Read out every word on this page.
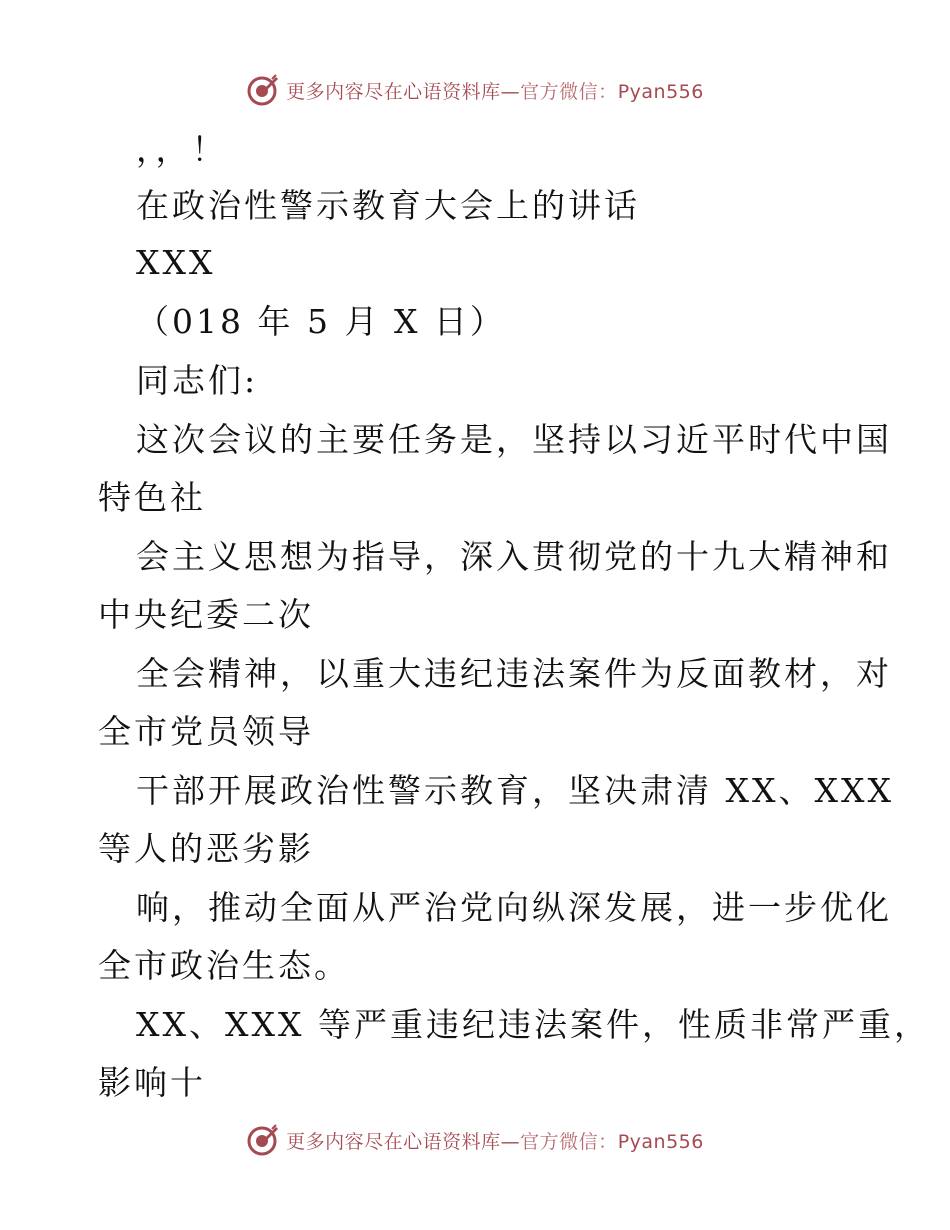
更多内容尽在心语资料库—官方微信：Pyan556
，，！
在政治性警示教育大会上的讲话
XXX
（018 年 5 月 X 日）
同志们:
这次会议的主要任务是，坚持以习近平时代中国
特色社
会主义思想为指导，深入贯彻党的十九大精神和
中央纪委二次
全会精神，以重大违纪违法案件为反面教材，对
全市党员领导
干部开展政治性警示教育，坚决肃清 XX、XXX
等人的恶劣影
响，推动全面从严治党向纵深发展，进一步优化
全市政治生态。
XX、XXX 等严重违纪违法案件，性质非常严重，
影响十
更多内容尽在心语资料库—官方微信：Pyan556
